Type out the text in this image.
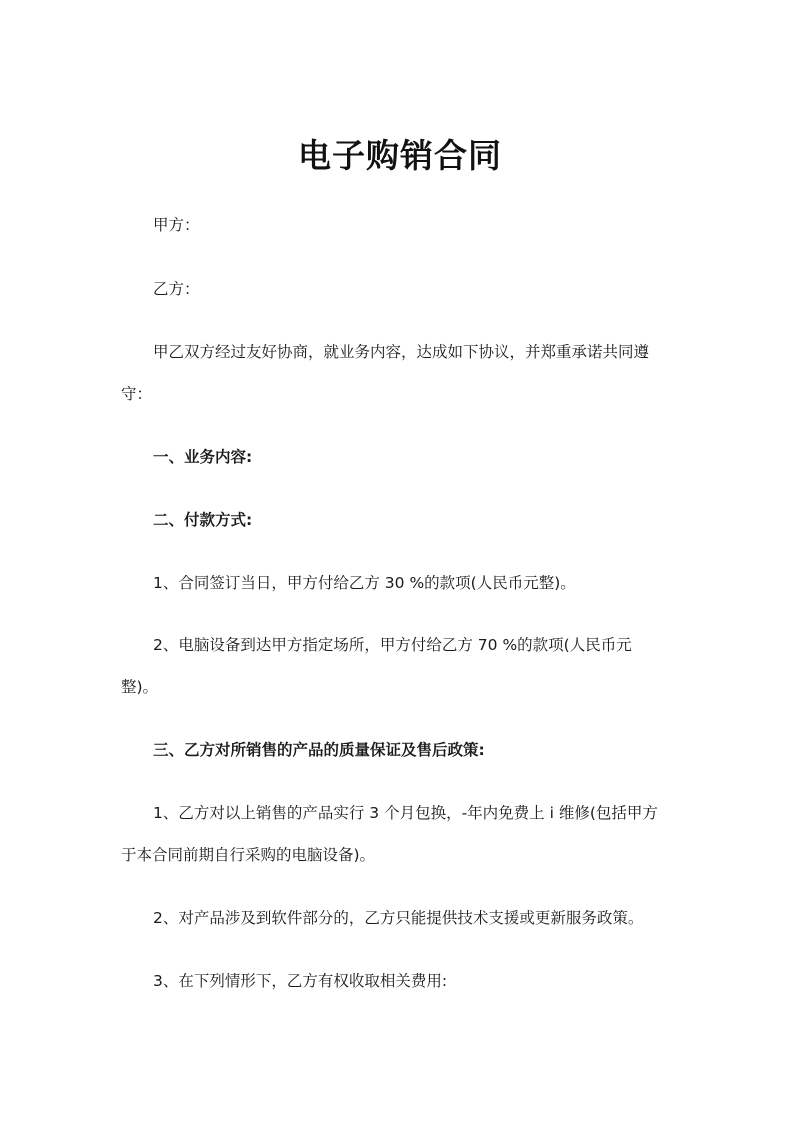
电子购销合同
甲方：
乙方：
甲乙双方经过友好协商，就业务内容，达成如下协议，并郑重承诺共同遵
守：
一、业务内容:
二、付款方式:
1、合同签订当日，甲方付给乙方 30 %的款项(人民币元整)。
2、电脑设备到达甲方指定场所，甲方付给乙方 70 %的款项(人民币元
整)。
三、乙方对所销售的产品的质量保证及售后政策:
1、乙方对以上销售的产品实行 3 个月包换，-年内免费上 i 维修(包括甲方
于本合同前期自行采购的电脑设备)。
2、对产品涉及到软件部分的，乙方只能提供技术支援或更新服务政策。
3、在下列情形下，乙方有权收取相关费用:
